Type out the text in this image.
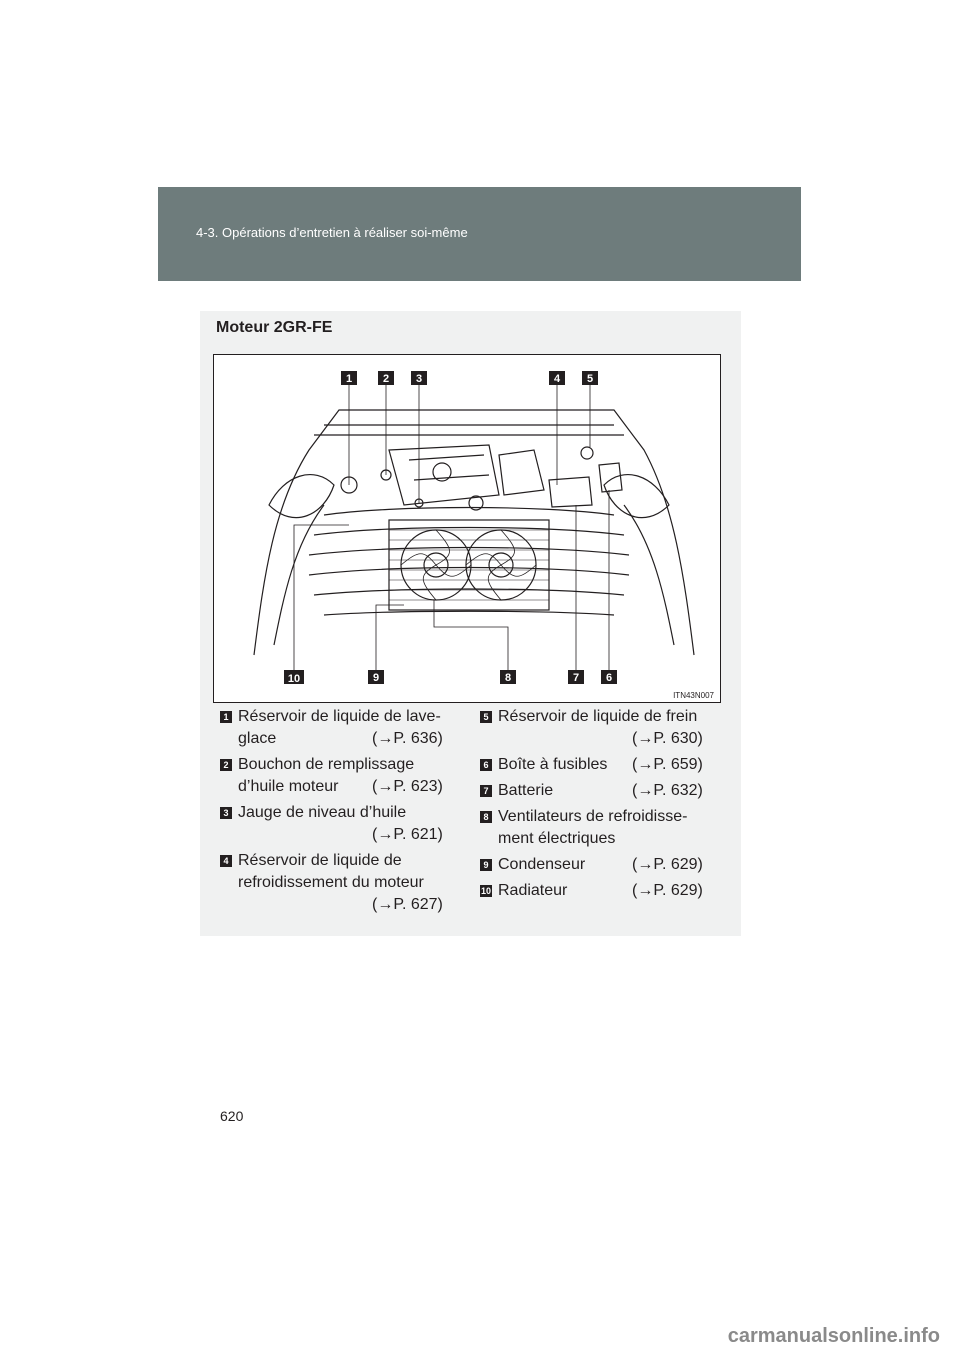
4-3. Opérations d’entretien à réaliser soi-même
Moteur 2GR-FE
1	2 3	4 5
6
7
8
9
10
ITN43N007
1 Réservoir de liquide de lave-
glace	(→P. 636)
2 Bouchon de remplissage
d’huile moteur (→P. 623)
3 Jauge de niveau d’huile
(→P. 621)
4 Réservoir de liquide de
refroidissement du moteur
(→P. 627)
5 Réservoir de liquide de frein
(→P. 630)
6 Boîte à fusibles (→P. 659)
7 Batterie	(→P. 632)
8 Ventilateurs de refroidisse-
ment électriques
9 Condenseur	(→P. 629)
10 Radiateur	(→P. 629)
620
carmanualsonline.info
